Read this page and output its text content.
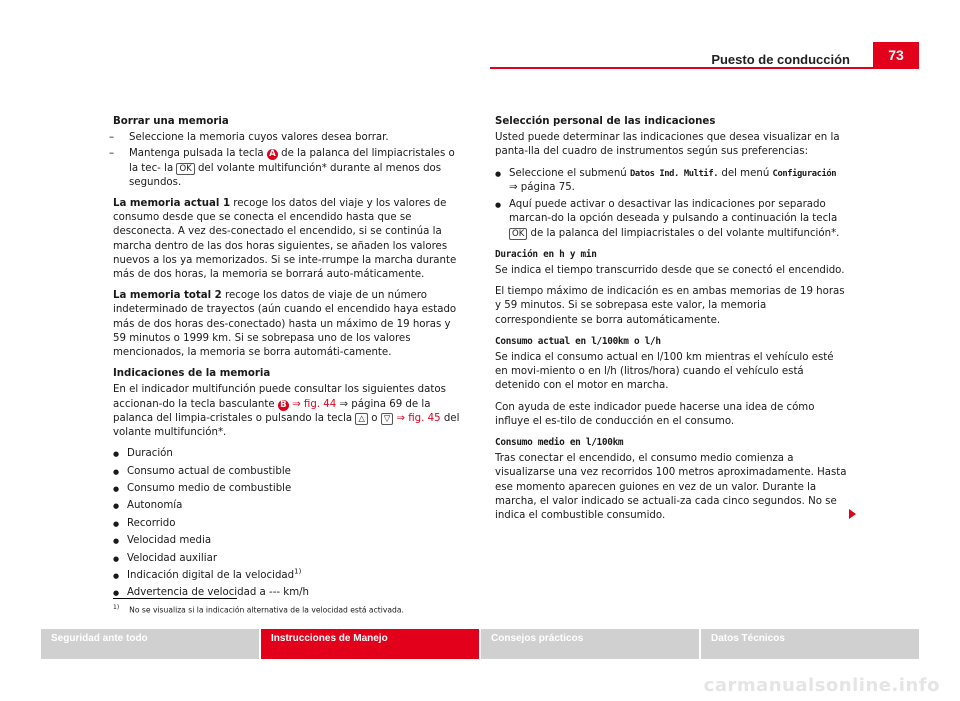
Puesto de conducción	73
Borrar una memoria
– Seleccione la memoria cuyos valores desea borrar.
– Mantenga pulsada la tecla A de la palanca del limpiacristales o la tec- la OK del volante multifunción* durante al menos dos segundos.

La memoria actual 1 recoge los datos del viaje y los valores de consumo desde que se conecta el encendido hasta que se desconecta. A vez des-conectado el encendido, si se continúa la marcha dentro de las dos horas siguientes, se añaden los valores nuevos a los ya memorizados. Si se inte-rrumpe la marcha durante más de dos horas, la memoria se borrará auto-máticamente.

La memoria total 2 recoge los datos de viaje de un número indeterminado de trayectos (aún cuando el encendido haya estado más de dos horas des-conectado) hasta un máximo de 19 horas y 59 minutos o 1999 km. Si se sobrepasa uno de los valores mencionados, la memoria se borra automáti-camente.

Indicaciones de la memoria

En el indicador multifunción puede consultar los siguientes datos accionan-do la tecla basculante B ⇒ fig. 44 ⇒ página 69 de la palanca del limpia-cristales o pulsando la tecla △ o ▽ ⇒ fig. 45 del volante multifunción*.

● Duración
● Consumo actual de combustible
● Consumo medio de combustible
● Autonomía
● Recorrido
● Velocidad media
● Velocidad auxiliar
● Indicación digital de la velocidad$^{1)}$
● Advertencia de velocidad a --- km/h
Selección personal de las indicaciones

Usted puede determinar las indicaciones que desea visualizar en la panta-lla del cuadro de instrumentos según sus preferencias:

● Seleccione el submenú Datos Ind. Multif. del menú Configuración ⇒ página 75.
● Aquí puede activar o desactivar las indicaciones por separado marcan-do la opción deseada y pulsando a continuación la tecla OK de la palanca del limpiacristales o del volante multifunción*.
Duración en h y min

Se indica el tiempo transcurrido desde que se conectó el encendido.

El tiempo máximo de indicación es en ambas memorias de 19 horas y 59 minutos. Si se sobrepasa este valor, la memoria correspondiente se borra automáticamente.

Consumo actual en l/100km o l/h

Se indica el consumo actual en l/100 km mientras el vehículo esté en movi-miento o en l/h (litros/hora) cuando el vehículo está detenido con el motor en marcha.

Con ayuda de este indicador puede hacerse una idea de cómo influye el es-tilo de conducción en el consumo.

Consumo medio en l/100km

Tras conectar el encendido, el consumo medio comienza a visualizarse una vez recorridos 100 metros aproximadamente. Hasta ese momento aparecen guiones en vez de un valor. Durante la marcha, el valor indicado se actuali-za cada cinco segundos. No se indica el combustible consumido.

$^{1)}$ No se visualiza si la indicación alternativa de la velocidad está activada.
Seguridad ante todo	Instrucciones de Manejo	Consejos prácticos	Datos Técnicos
carmanualsonline.info
